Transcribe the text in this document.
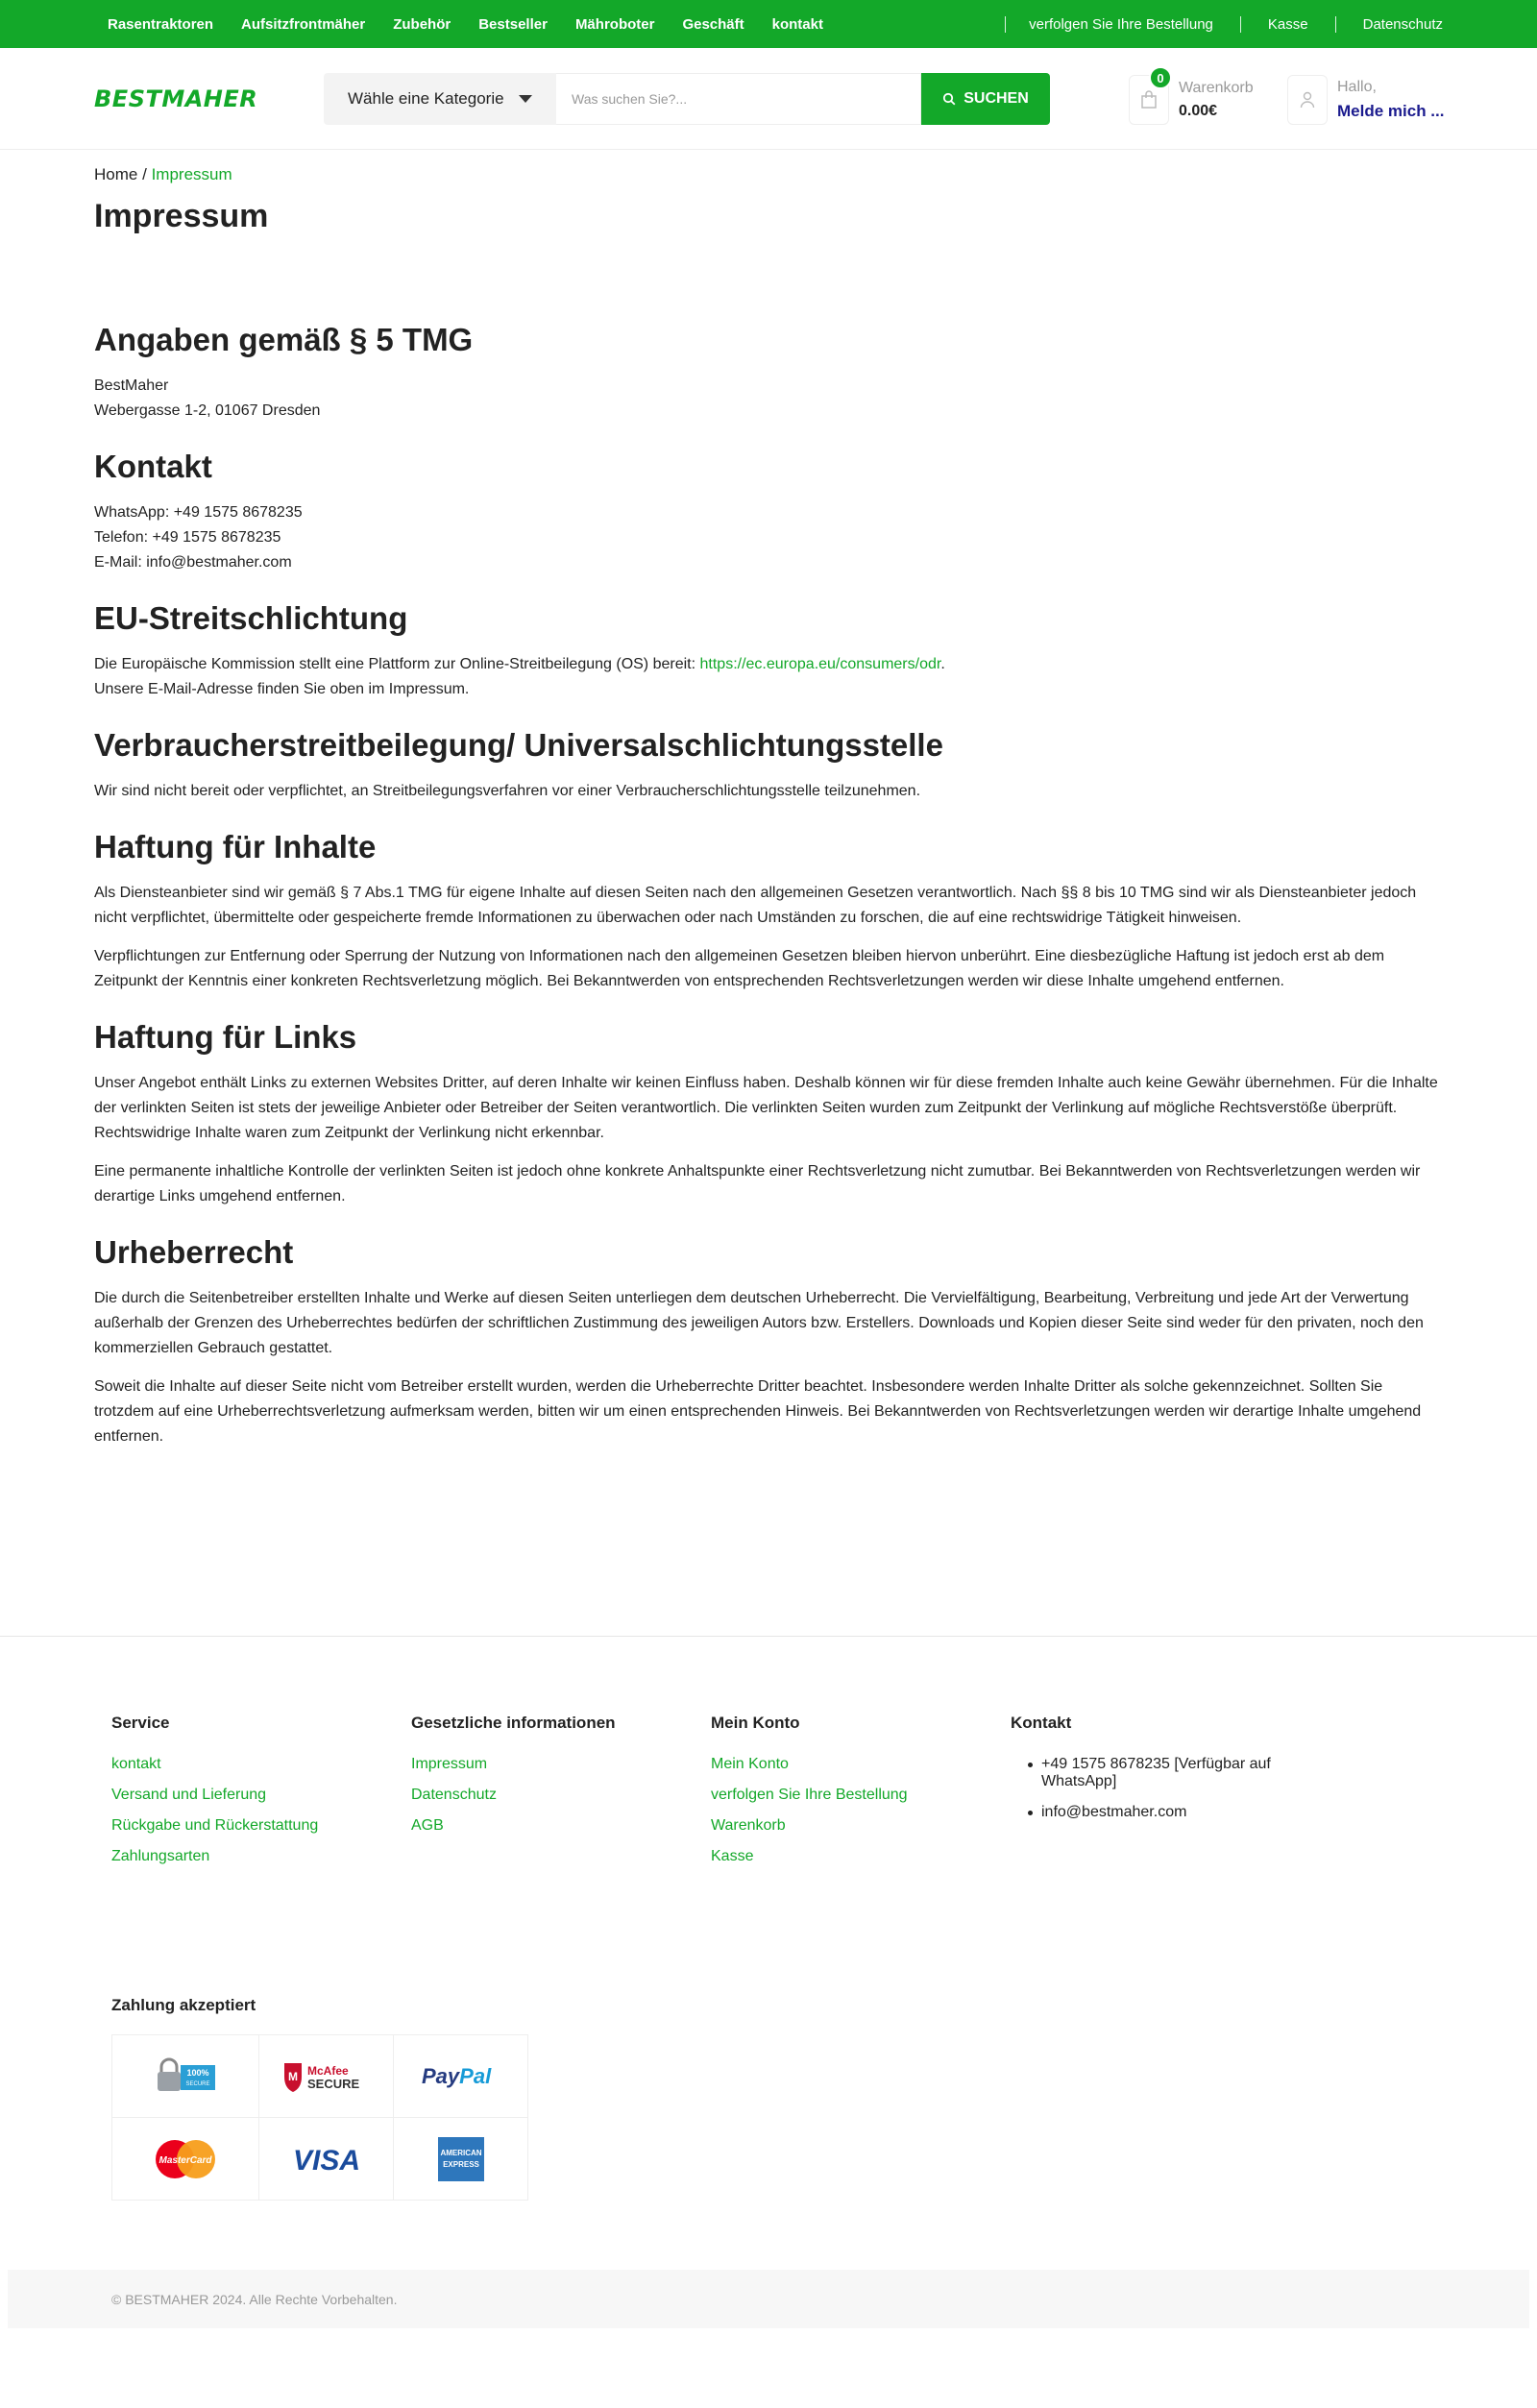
Rasentraktoren Aufsitzfrontmäher Zubehör Bestseller Mähroboter Geschäft kontakt	verfolgen Sie Ihre Bestellung	Kasse	Datenschutz
BESTMAHER	Wähle eine Kategorie	Was suchen Sie?...	SUCHEN
0
Warenkorb
0.00€
Hallo,
Melde mich ...
Home / Impressum
Impressum
Angaben gemäß § 5 TMG

BestMaher
Webergasse 1-2, 01067 Dresden

Kontakt

WhatsApp: +49 1575 8678235
Telefon: +49 1575 8678235
E-Mail: info@bestmaher.com

EU-Streitschlichtung

Die Europäische Kommission stellt eine Plattform zur Online-Streitbeilegung (OS) bereit: https://ec.europa.eu/consumers/odr.
Unsere E-Mail-Adresse finden Sie oben im Impressum.

Verbraucherstreitbeilegung/ Universalschlichtungsstelle

Wir sind nicht bereit oder verpflichtet, an Streitbeilegungsverfahren vor einer Verbraucherschlichtungsstelle teilzunehmen.

Haftung für Inhalte

Als Diensteanbieter sind wir gemäß § 7 Abs.1 TMG für eigene Inhalte auf diesen Seiten nach den allgemeinen Gesetzen verantwortlich. Nach §§ 8 bis 10 TMG sind wir als Diensteanbieter jedoch nicht verpflichtet, übermittelte oder gespeicherte fremde Informationen zu überwachen oder nach Umständen zu forschen, die auf eine rechtswidrige Tätigkeit hinweisen.

Verpflichtungen zur Entfernung oder Sperrung der Nutzung von Informationen nach den allgemeinen Gesetzen bleiben hiervon unberührt. Eine diesbezügliche Haftung ist jedoch erst ab dem Zeitpunkt der Kenntnis einer konkreten Rechtsverletzung möglich. Bei Bekanntwerden von entsprechenden Rechtsverletzungen werden wir diese Inhalte umgehend entfernen.

Haftung für Links

Unser Angebot enthält Links zu externen Websites Dritter, auf deren Inhalte wir keinen Einfluss haben. Deshalb können wir für diese fremden Inhalte auch keine Gewähr übernehmen. Für die Inhalte der verlinkten Seiten ist stets der jeweilige Anbieter oder Betreiber der Seiten verantwortlich. Die verlinkten Seiten wurden zum Zeitpunkt der Verlinkung auf mögliche Rechtsverstöße überprüft. Rechtswidrige Inhalte waren zum Zeitpunkt der Verlinkung nicht erkennbar.

Eine permanente inhaltliche Kontrolle der verlinkten Seiten ist jedoch ohne konkrete Anhaltspunkte einer Rechtsverletzung nicht zumutbar. Bei Bekanntwerden von Rechtsverletzungen werden wir derartige Links umgehend entfernen.

Urheberrecht

Die durch die Seitenbetreiber erstellten Inhalte und Werke auf diesen Seiten unterliegen dem deutschen Urheberrecht. Die Vervielfältigung, Bearbeitung, Verbreitung und jede Art der Verwertung außerhalb der Grenzen des Urheberrechtes bedürfen der schriftlichen Zustimmung des jeweiligen Autors bzw. Erstellers. Downloads und Kopien dieser Seite sind weder für den privaten, noch den kommerziellen Gebrauch gestattet.

Soweit die Inhalte auf dieser Seite nicht vom Betreiber erstellt wurden, werden die Urheberrechte Dritter beachtet. Insbesondere werden Inhalte Dritter als solche gekennzeichnet. Sollten Sie trotzdem auf eine Urheberrechtsverletzung aufmerksam werden, bitten wir um einen entsprechenden Hinweis. Bei Bekanntwerden von Rechtsverletzungen werden wir derartige Inhalte umgehend entfernen.

Service
kontakt
Versand und Lieferung
Rückgabe und Rückerstattung
Zahlungsarten
Gesetzliche informationen
Impressum
Datenschutz
AGB
Mein Konto
Mein Konto
verfolgen Sie Ihre Bestellung
Warenkorb
Kasse
Kontakt
+49 1575 8678235 [Verfügbar auf WhatsApp]
info@bestmaher.com
Zahlung akzeptiert
100%
SECURE
M McAfee
SECURE	PayPal
MasterCard	VISA	AMERICAN
EXPRESS
© BESTMAHER 2024. Alle Rechte Vorbehalten.
